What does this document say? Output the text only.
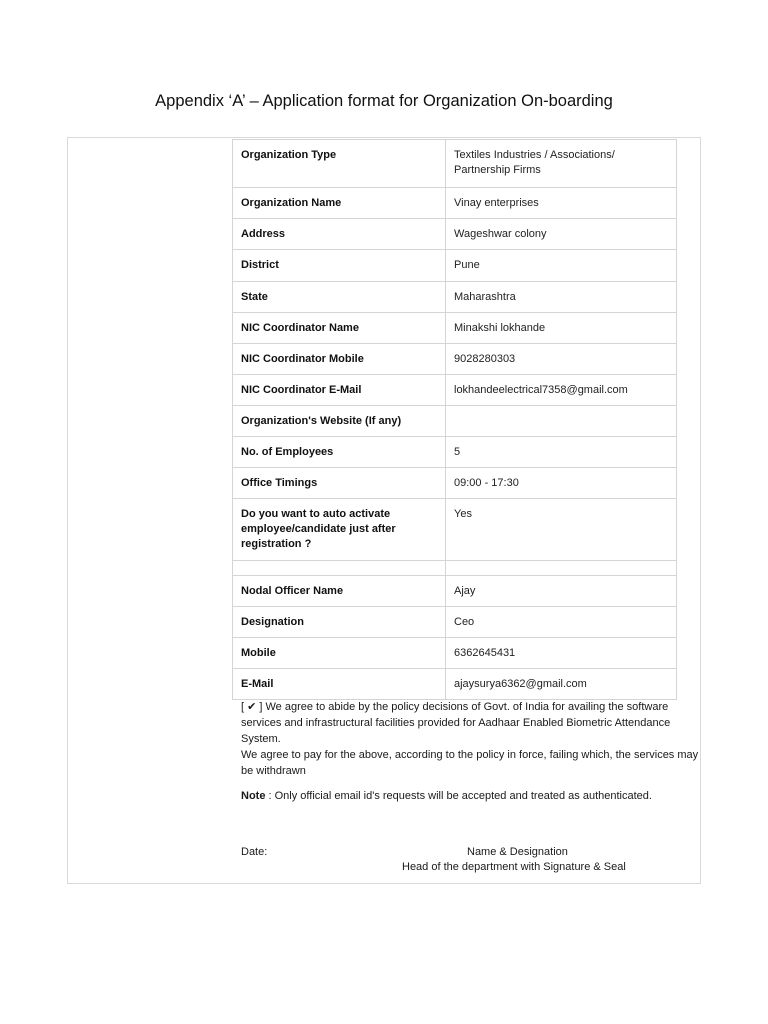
Appendix ‘A’ – Application format for Organization On-boarding
Organization Type	Textiles Industries / Associations/ Partnership Firms
Organization Name	Vinay enterprises
Address	Wageshwar colony
District	Pune
State	Maharashtra
NIC Coordinator Name	Minakshi lokhande
NIC Coordinator Mobile	9028280303
NIC Coordinator E-Mail	lokhandeelectrical7358@gmail.com
Organization's Website (If any)	
No. of Employees	5
Office Timings	09:00 - 17:30
Do you want to auto activate employee/candidate just after registration ?	Yes

Nodal Officer Name	Ajay
Designation	Ceo
Mobile	6362645431
E-Mail	ajaysurya6362@gmail.com

[ ✔ ] We agree to abide by the policy decisions of Govt. of India for availing the software services and infrastructural facilities provided for Aadhaar Enabled Biometric Attendance System.

We agree to pay for the above, according to the policy in force, failing which, the services may be withdrawn

Note : Only official email id's requests will be accepted and treated as authenticated.
Date:	Name & Designation
Head of the department with Signature & Seal
